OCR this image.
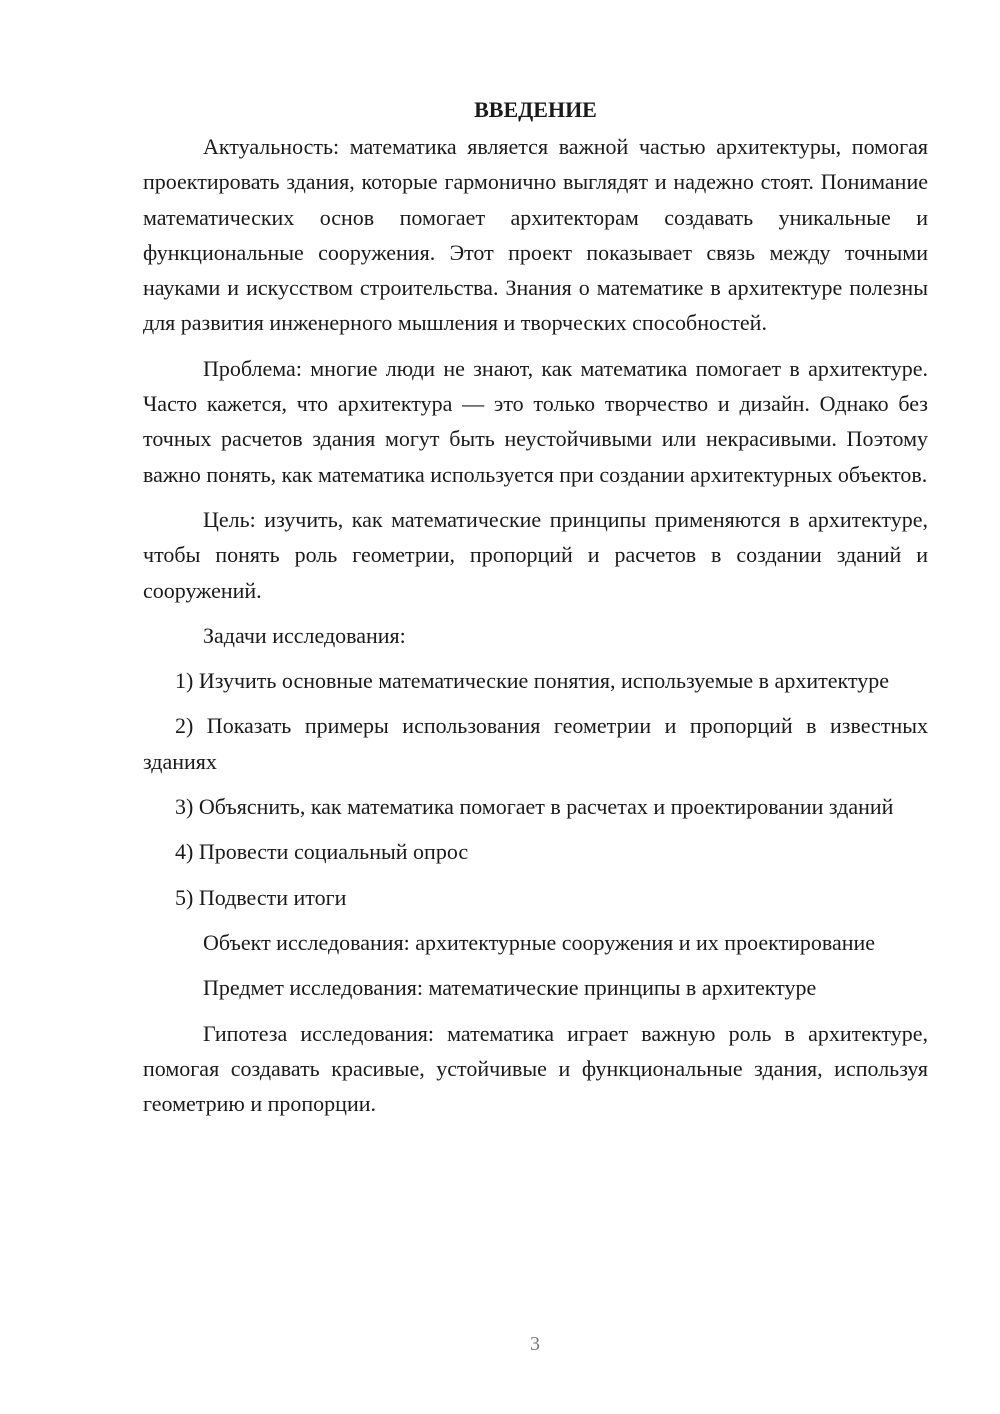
ВВЕДЕНИЕ

Актуальность: математика является важной частью архитектуры, помогая проектировать здания, которые гармонично выглядят и надежно стоят. Понимание математических основ помогает архитекторам создавать уникальные и функциональные сооружения. Этот проект показывает связь между точными науками и искусством строительства. Знания о математике в архитектуре полезны для развития инженерного мышления и творческих способностей.

Проблема: многие люди не знают, как математика помогает в архитектуре. Часто кажется, что архитектура — это только творчество и дизайн. Однако без точных расчетов здания могут быть неустойчивыми или некрасивыми. Поэтому важно понять, как математика используется при создании архитектурных объектов.

Цель: изучить, как математические принципы применяются в архитектуре, чтобы понять роль геометрии, пропорций и расчетов в создании зданий и сооружений.

Задачи исследования:

1) Изучить основные математические понятия, используемые в архитектуре

2) Показать примеры использования геометрии и пропорций в известных зданиях

3) Объяснить, как математика помогает в расчетах и проектировании зданий

4) Провести социальный опрос

5) Подвести итоги

Объект исследования: архитектурные сооружения и их проектирование

Предмет исследования: математические принципы в архитектуре

Гипотеза исследования: математика играет важную роль в архитектуре, помогая создавать красивые, устойчивые и функциональные здания, используя геометрию и пропорции.

3
